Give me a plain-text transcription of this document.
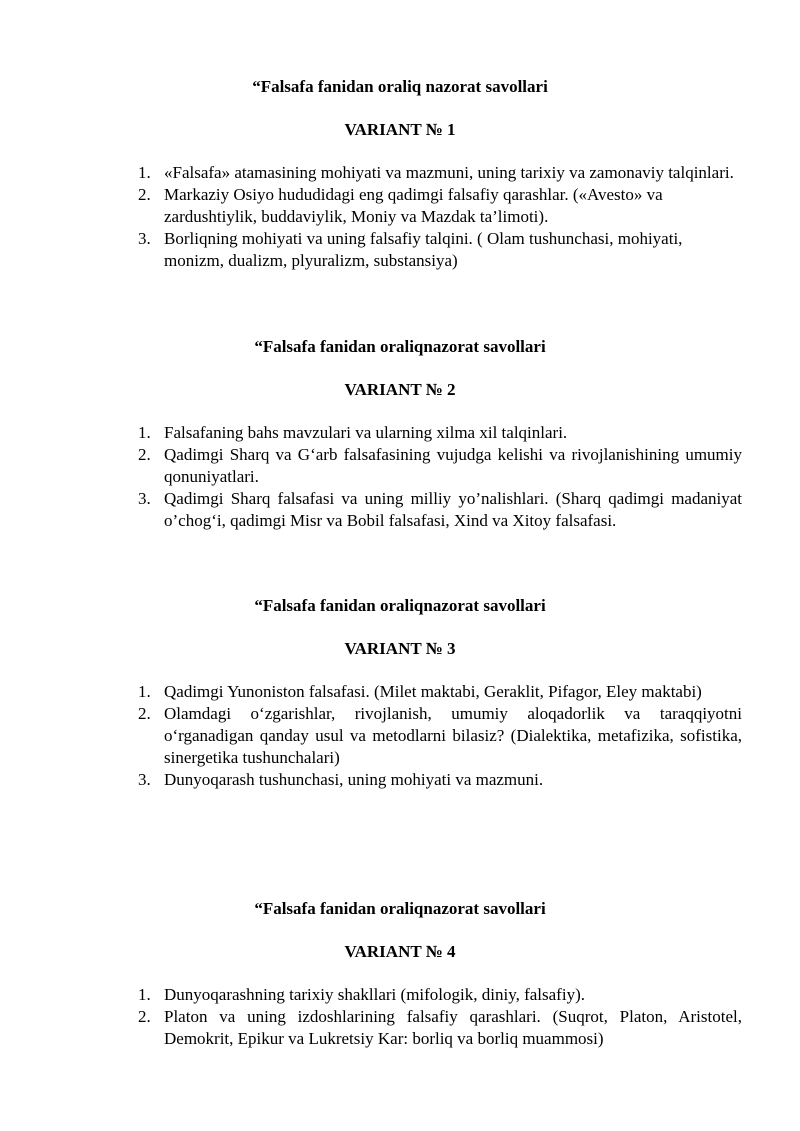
“Falsafa fanidan oraliq nazorat savollari

VARIANT № 1

1. «Falsafa» atamasining mohiyati va mazmuni, uning tarixiy va zamonaviy talqinlari.
2. Markaziy Osiyo hududidagi eng qadimgi falsafiy qarashlar. («Avesto» va zardushtiylik, buddaviylik, Moniy va Mazdak ta’limoti).
3. Borliqning mohiyati va uning falsafiy talqini. ( Olam tushunchasi, mohiyati, monizm, dualizm, plyuralizm, substansiya)

“Falsafa fanidan oraliqnazorat savollari

VARIANT № 2

1. Falsafaning bahs mavzulari va ularning xilma xil talqinlari.
2. Qadimgi Sharq va G‘arb falsafasining vujudga kelishi va rivojlanishining umumiy qonuniyatlari.
3. Qadimgi Sharq falsafasi va uning milliy yo’nalishlari. (Sharq qadimgi madaniyat o’chog‘i, qadimgi Misr va Bobil falsafasi, Xind va Xitoy falsafasi.

“Falsafa fanidan oraliqnazorat savollari

VARIANT № 3

1. Qadimgi Yunoniston falsafasi. (Milet maktabi, Geraklit, Pifagor, Eley maktabi)
2. Olamdagi o‘zgarishlar, rivojlanish, umumiy aloqadorlik va taraqqiyotni o‘rganadigan qanday usul va metodlarni bilasiz? (Dialektika, metafizika, sofistika, sinergetika tushunchalari)
3. Dunyoqarash tushunchasi, uning mohiyati va mazmuni.

“Falsafa fanidan oraliqnazorat savollari

VARIANT № 4

1. Dunyoqarashning tarixiy shakllari (mifologik, diniy, falsafiy).
2. Platon va uning izdoshlarining falsafiy qarashlari. (Suqrot, Platon, Aristotel, Demokrit, Epikur va Lukretsiy Kar: borliq va borliq muammosi)
